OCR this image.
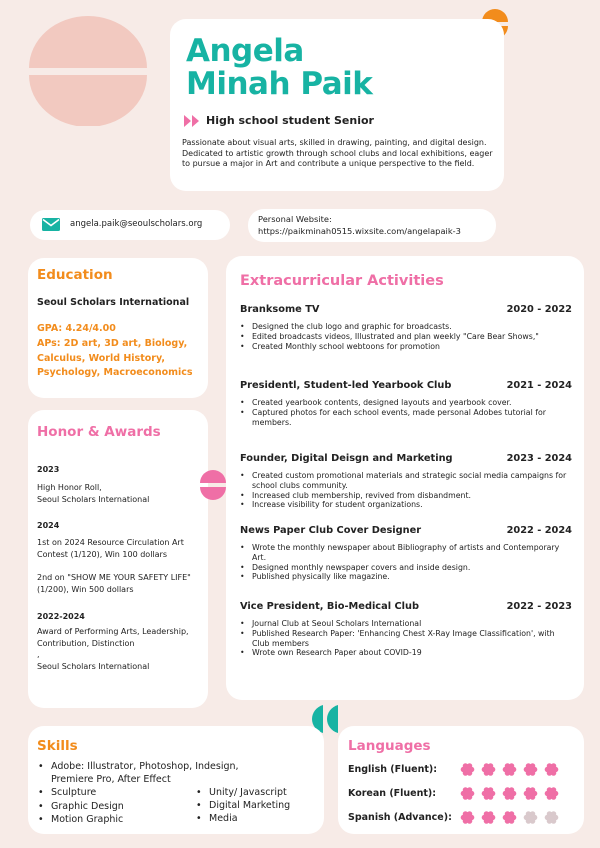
Angela
Minah Paik
High school student Senior
Passionate about visual arts, skilled in drawing, painting, and digital design. Dedicated to artistic growth through school clubs and local exhibitions, eager to pursue a major in Art and contribute a unique perspective to the field.
angela.paik@seoulscholars.org	Personal Website:
https://paikminah0515.wixsite.com/angelapaik-3
Education
Seoul Scholars International
GPA: 4.24/4.00
APs: 2D art, 3D art, Biology, Calculus, World History, Psychology, Macroeconomics
Honor & Awards
2023
High Honor Roll,
Seoul Scholars International
2024
1st on 2024 Resource Circulation Art Contest (1/120), Win 100 dollars
2nd on "SHOW ME YOUR SAFETY LIFE" (1/200), Win 500 dollars
2022-2024
Award of Performing Arts, Leadership, Contribution, Distinction
,
Seoul Scholars International
Extracurricular Activities
Branksome TV	2020 - 2022
• Designed the club logo and graphic for broadcasts.
• Edited broadcasts videos, Illustrated and plan weekly "Care Bear Shows,"
• Created Monthly school webtoons for promotion
Presidentl, Student-led Yearbook Club	2021 - 2024
• Created yearbook contents, designed layouts and yearbook cover.
• Captured photos for each school events, made personal Adobes tutorial for members.
Founder, Digital Deisgn and Marketing	2023 - 2024
• Created custom promotional materials and strategic social media campaigns for school clubs community.
• Increased club membership, revived from disbandment.
• Increase visibility for student organizations.
News Paper Club Cover Designer	2022 - 2024
• Wrote the monthly newspaper about Bibliography of artists and Contemporary Art.
• Designed monthly newspaper covers and inside design.
• Published physically like magazine.
Vice President, Bio-Medical Club	2022 - 2023
• Journal Club at Seoul Scholars International
• Published Research Paper: 'Enhancing Chest X-Ray Image Classification', with Club members
• Wrote own Research Paper about COVID-19
Skills
• Adobe: Illustrator, Photoshop, Indesign, Premiere Pro, After Effect
• Sculpture
• Graphic Design
• Motion Graphic
• Unity/ Javascript
• Digital Marketing
• Media
Languages
English (Fluent):
Korean (Fluent):
Spanish (Advance):
